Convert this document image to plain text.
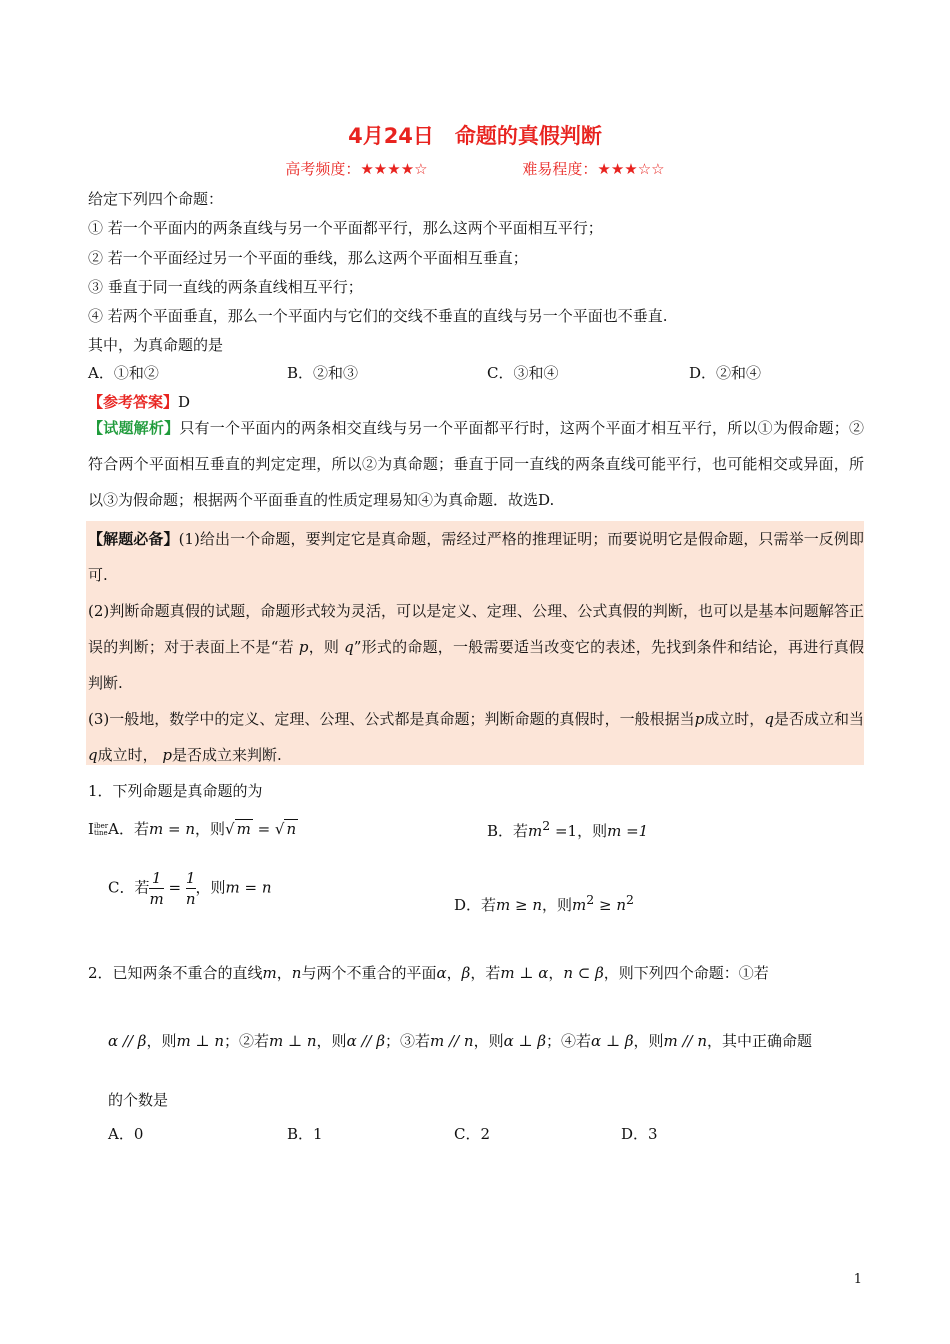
4月24日　命题的真假判断
高考频度：★★★★☆	难易程度：★★★☆☆
给定下列四个命题：
① 若一个平面内的两条直线与另一个平面都平行，那么这两个平面相互平行；
② 若一个平面经过另一个平面的垂线，那么这两个平面相互垂直；
③ 垂直于同一直线的两条直线相互平行；
④ 若两个平面垂直，那么一个平面内与它们的交线不垂直的直线与另一个平面也不垂直.
其中，为真命题的是
A．①和②	B．②和③	C．③和④	D．②和④
【参考答案】D
【试题解析】只有一个平面内的两条相交直线与另一个平面都平行时，这两个平面才相互平行，所以①为假命题；②符合两个平面相互垂直的判定定理，所以②为真命题；垂直于同一直线的两条直线可能平行，也可能相交或异面，所以③为假命题；根据两个平面垂直的性质定理易知④为真命题．故选D.
【解题必备】(1)给出一个命题，要判定它是真命题，需经过严格的推理证明；而要说明它是假命题，只需举一反例即可.
(2)判断命题真假的试题，命题形式较为灵活，可以是定义、定理、公理、公式真假的判断，也可以是基本问题解答正误的判断；对于表面上不是“若 p，则 q”形式的命题，一般需要适当改变它的表述，先找到条件和结论，再进行真假判断.
(3)一般地，数学中的定义、定理、公理、公式都是真命题；判断命题的真假时，一般根据当p成立时，q是否成立和当q成立时， p是否成立来判断.
1．下列命题是真命题的为
I iber
tine A．若m = n，则√ m = √ n	B．若$m^2 =1$，则m =1
C．若 $\frac{1}{m} = \frac{1}{n}$ ，则m = n
D．若m ≥ n，则$m^2 \ge n^2$
2．已知两条不重合的直线m，n与两个不重合的平面α，β，若m ⊥ α，n ⊂ β，则下列四个命题：①若
α // β，则m ⊥ n；②若m ⊥ n，则α // β；③若m // n，则α ⊥ β；④若α ⊥ β，则m // n，其中正确命题
的个数是
A．0	B．1	C．2	D．3
1
